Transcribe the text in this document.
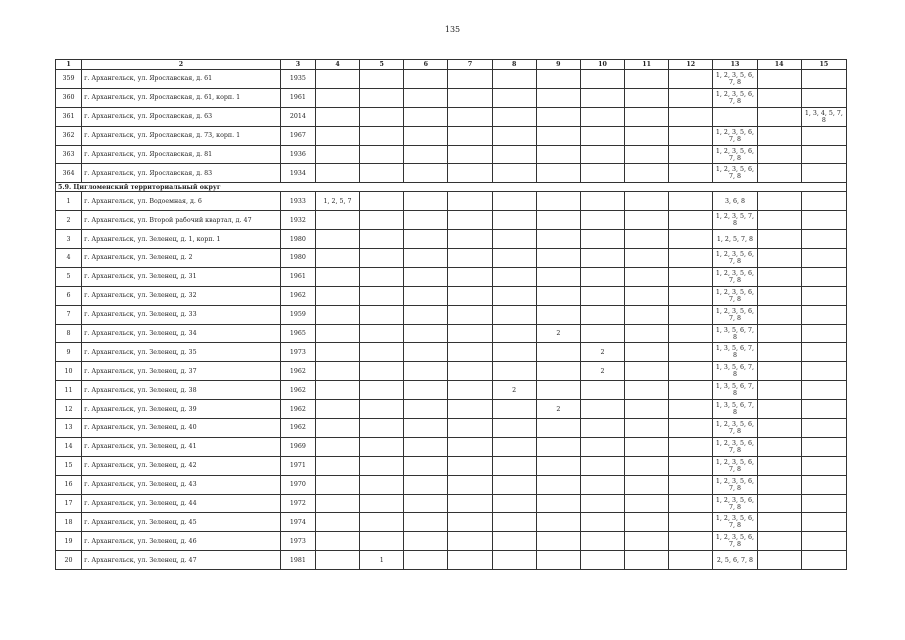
135
1	2	3	4	5	6	7	8	9	10	11	12	13	14	15
359	г. Архангельск, ул. Ярославская, д. 61	1935										1, 2, 3, 5, 6, 7, 8		
360	г. Архангельск, ул. Ярославская, д. 61, корп. 1	1961										1, 2, 3, 5, 6, 7, 8		
361	г. Архангельск, ул. Ярославская, д. 63	2014												1, 3, 4, 5, 7, 8
362	г. Архангельск, ул. Ярославская, д. 73, корп. 1	1967										1, 2, 3, 5, 6, 7, 8		
363	г. Архангельск, ул. Ярославская, д. 81	1936										1, 2, 3, 5, 6, 7, 8		
364	г. Архангельск, ул. Ярославская, д. 83	1934										1, 2, 3, 5, 6, 7, 8		
5.9. Цигломенский территориальный округ														
1	г. Архангельск, ул. Водоемная, д. 6	1933	1, 2, 5, 7									3, 6, 8		
2	г. Архангельск, ул. Второй рабочий квартал, д. 47	1932										1, 2, 3, 5, 7, 8		
3	г. Архангельск, ул. Зеленец, д. 1, корп. 1	1980										1, 2, 5, 7, 8		
4	г. Архангельск, ул. Зеленец, д. 2	1980										1, 2, 3, 5, 6, 7, 8		
5	г. Архангельск, ул. Зеленец, д. 31	1961										1, 2, 3, 5, 6, 7, 8		
6	г. Архангельск, ул. Зеленец, д. 32	1962										1, 2, 3, 5, 6, 7, 8		
7	г. Архангельск, ул. Зеленец, д. 33	1959										1, 2, 3, 5, 6, 7, 8		
8	г. Архангельск, ул. Зеленец, д. 34	1965						2				1, 3, 5, 6, 7, 8		
9	г. Архангельск, ул. Зеленец, д. 35	1973							2			1, 3, 5, 6, 7, 8		
10	г. Архангельск, ул. Зеленец, д. 37	1962							2			1, 3, 5, 6, 7, 8		
11	г. Архангельск, ул. Зеленец, д. 38	1962					2					1, 3, 5, 6, 7, 8		
12	г. Архангельск, ул. Зеленец, д. 39	1962						2				1, 3, 5, 6, 7, 8		
13	г. Архангельск, ул. Зеленец, д. 40	1962										1, 2, 3, 5, 6, 7, 8		
14	г. Архангельск, ул. Зеленец, д. 41	1969										1, 2, 3, 5, 6, 7, 8		
15	г. Архангельск, ул. Зеленец, д. 42	1971										1, 2, 3, 5, 6, 7, 8		
16	г. Архангельск, ул. Зеленец, д. 43	1970										1, 2, 3, 5, 6, 7, 8		
17	г. Архангельск, ул. Зеленец, д. 44	1972										1, 2, 3, 5, 6, 7, 8		
18	г. Архангельск, ул. Зеленец, д. 45	1974										1, 2, 3, 5, 6, 7, 8		
19	г. Архангельск, ул. Зеленец, д. 46	1973										1, 2, 3, 5, 6, 7, 8		
20	г. Архангельск, ул. Зеленец, д. 47	1981		1								2, 5, 6, 7, 8		
